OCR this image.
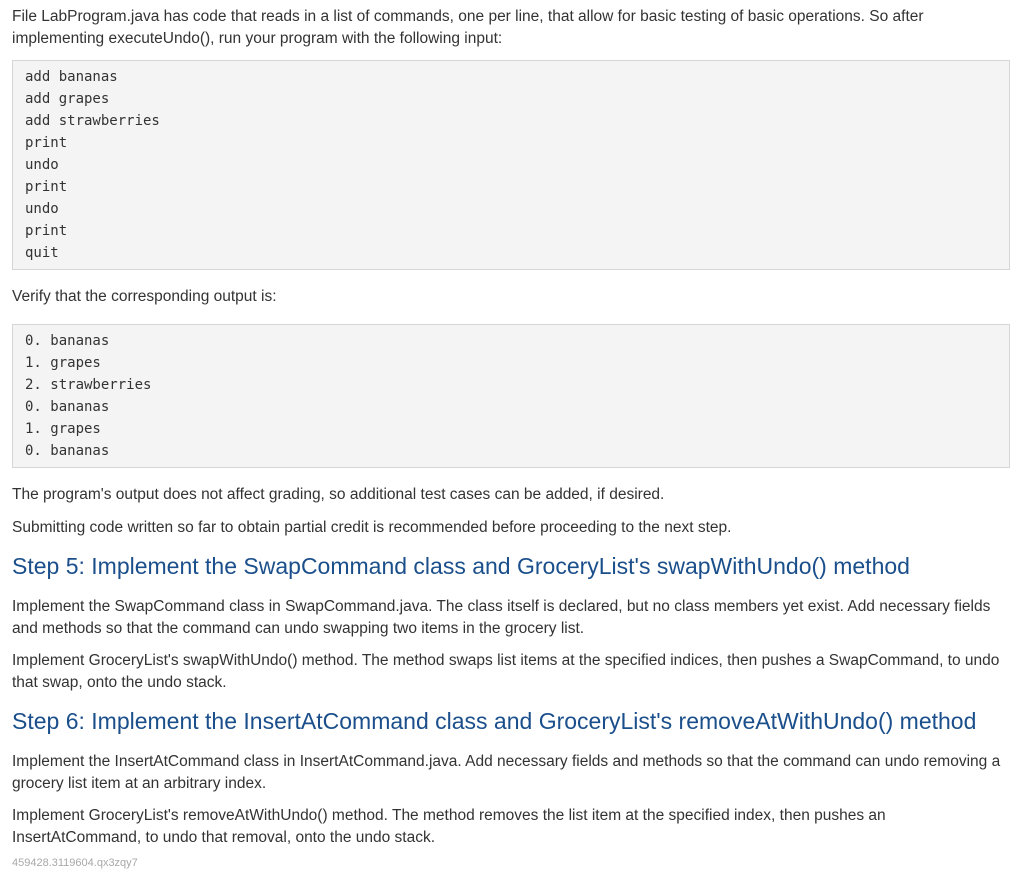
File LabProgram.java has code that reads in a list of commands, one per line, that allow for basic testing of basic operations. So after implementing executeUndo(), run your program with the following input:

add bananas
add grapes
add strawberries
print
undo
print
undo
print
quit

Verify that the corresponding output is:

0. bananas
1. grapes
2. strawberries
0. bananas
1. grapes
0. bananas

The program's output does not affect grading, so additional test cases can be added, if desired.

Submitting code written so far to obtain partial credit is recommended before proceeding to the next step.

Step 5: Implement the SwapCommand class and GroceryList's swapWithUndo() method

Implement the SwapCommand class in SwapCommand.java. The class itself is declared, but no class members yet exist. Add necessary fields and methods so that the command can undo swapping two items in the grocery list.

Implement GroceryList's swapWithUndo() method. The method swaps list items at the specified indices, then pushes a SwapCommand, to undo that swap, onto the undo stack.

Step 6: Implement the InsertAtCommand class and GroceryList's removeAtWithUndo() method

Implement the InsertAtCommand class in InsertAtCommand.java. Add necessary fields and methods so that the command can undo removing a grocery list item at an arbitrary index.

Implement GroceryList's removeAtWithUndo() method. The method removes the list item at the specified index, then pushes an InsertAtCommand, to undo that removal, onto the undo stack.

459428.3119604.qx3zqy7
